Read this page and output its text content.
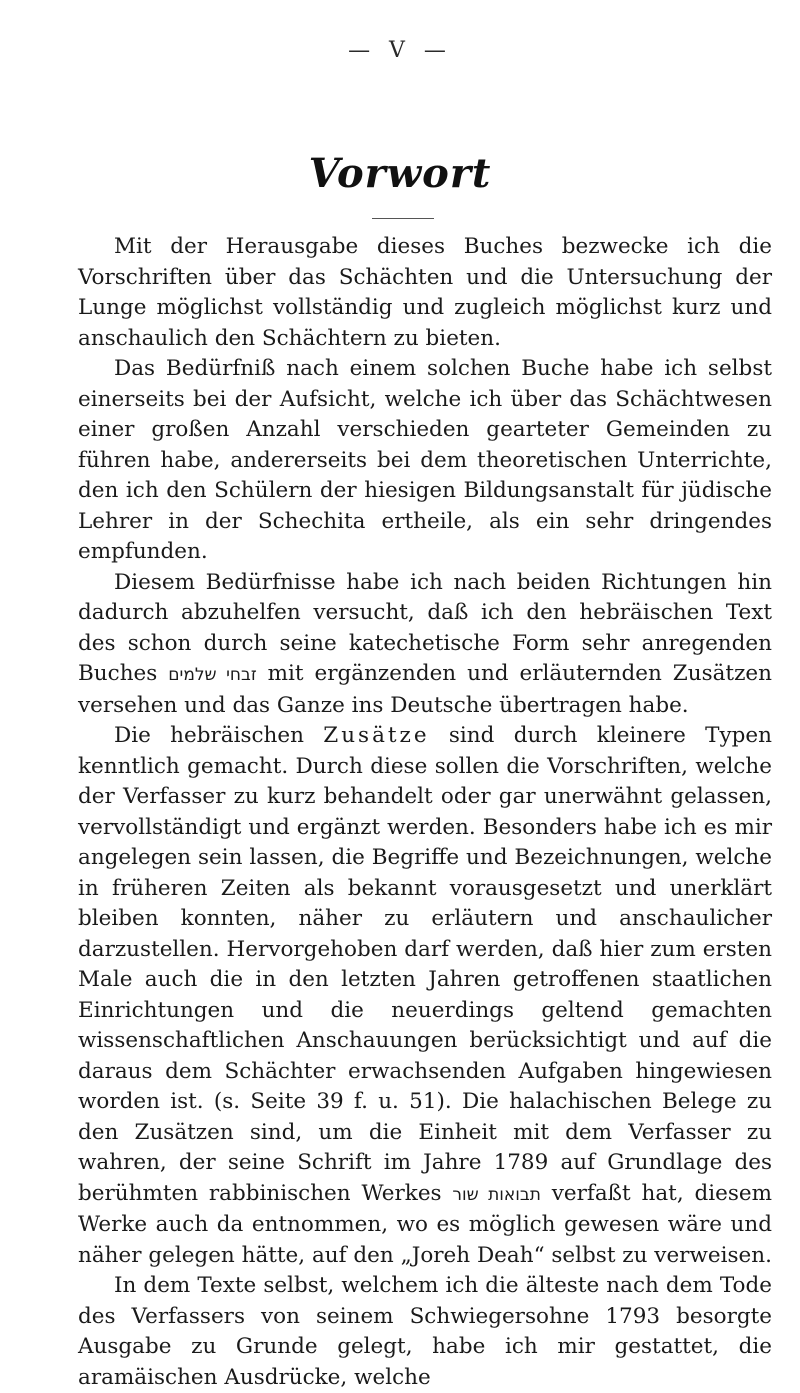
— V —
Vorwort

Mit der Herausgabe dieses Buches bezwecke ich die Vorschriften über das Schächten und die Untersuchung der Lunge möglichst vollständig und zugleich möglichst kurz und anschaulich den Schächtern zu bieten.

Das Bedürfniß nach einem solchen Buche habe ich selbst einerseits bei der Aufsicht, welche ich über das Schächtwesen einer großen Anzahl verschieden gearteter Gemeinden zu führen habe, andererseits bei dem theoretischen Unterrichte, den ich den Schülern der hiesigen Bildungsanstalt für jüdische Lehrer in der Schechita ertheile, als ein sehr dringendes empfunden.

Diesem Bedürfnisse habe ich nach beiden Richtungen hin dadurch abzuhelfen versucht, daß ich den hebräischen Text des schon durch seine katechetische Form sehr anregenden Buches זבחי שלמים mit ergänzenden und erläuternden Zusätzen versehen und das Ganze ins Deutsche übertragen habe.

Die hebräischen Zusätze sind durch kleinere Typen kenntlich gemacht. Durch diese sollen die Vorschriften, welche der Verfasser zu kurz behandelt oder gar unerwähnt gelassen, vervollständigt und ergänzt werden. Besonders habe ich es mir angelegen sein lassen, die Begriffe und Bezeichnungen, welche in früheren Zeiten als bekannt vorausgesetzt und unerklärt bleiben konnten, näher zu erläutern und anschaulicher darzustellen. Hervorgehoben darf werden, daß hier zum ersten Male auch die in den letzten Jahren getroffenen staatlichen Einrichtungen und die neuerdings geltend gemachten wissenschaftlichen Anschauungen berücksichtigt und auf die daraus dem Schächter erwachsenden Aufgaben hingewiesen worden ist. (s. Seite 39 f. u. 51). Die halachischen Belege zu den Zusätzen sind, um die Einheit mit dem Verfasser zu wahren, der seine Schrift im Jahre 1789 auf Grundlage des berühmten rabbinischen Werkes תבואות שור verfaßt hat, diesem Werke auch da entnommen, wo es möglich gewesen wäre und näher gelegen hätte, auf den „Joreh Deah“ selbst zu verweisen.

In dem Texte selbst, welchem ich die älteste nach dem Tode des Verfassers von seinem Schwiegersohne 1793 besorgte Ausgabe zu Grunde gelegt, habe ich mir gestattet, die aramäischen Ausdrücke, welche
